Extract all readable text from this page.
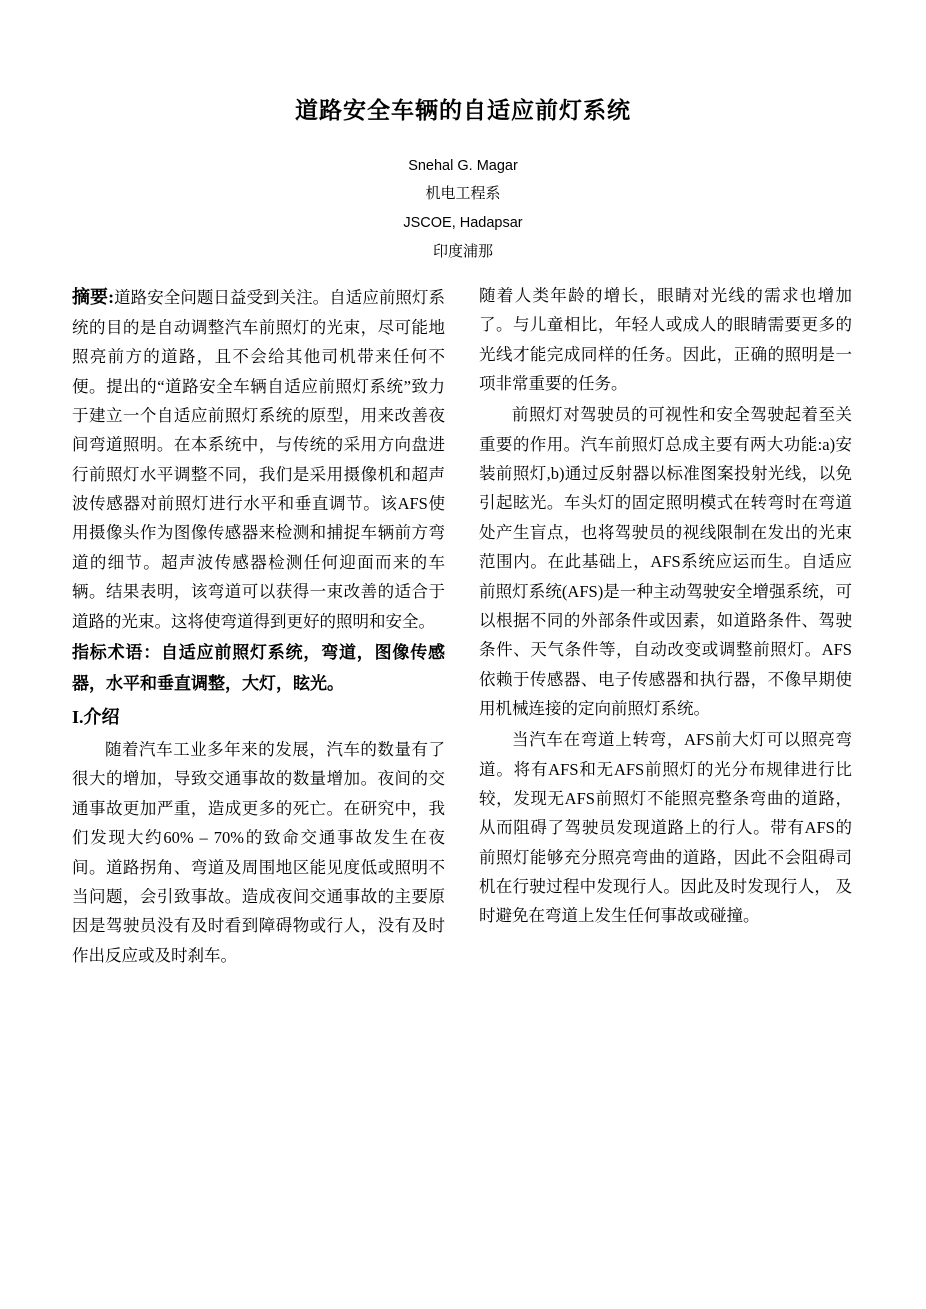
道路安全车辆的自适应前灯系统
Snehal G. Magar
机电工程系
JSCOE, Hadapsar
印度浦那

摘要:道路安全问题日益受到关注。自适应前照灯系统的目的是自动调整汽车前照灯的光束，尽可能地照亮前方的道路，且不会给其他司机带来任何不便。提出的“道路安全车辆自适应前照灯系统”致力于建立一个自适应前照灯系统的原型，用来改善夜间弯道照明。在本系统中，与传统的采用方向盘进行前照灯水平调整不同，我们是采用摄像机和超声波传感器对前照灯进行水平和垂直调节。该AFS使用摄像头作为图像传感器来检测和捕捉车辆前方弯道的细节。超声波传感器检测任何迎面而来的车辆。结果表明，该弯道可以获得一束改善的适合于道路的光束。这将使弯道得到更好的照明和安全。

指标术语：自适应前照灯系统，弯道，图像传感器，水平和垂直调整，大灯，眩光。

I.介绍

随着汽车工业多年来的发展，汽车的数量有了很大的增加，导致交通事故的数量增加。夜间的交通事故更加严重，造成更多的死亡。在研究中，我们发现大约60% – 70%的致命交通事故发生在夜间。道路拐角、弯道及周围地区能见度低或照明不当问题，会引致事故。造成夜间交通事故的主要原因是驾驶员没有及时看到障碍物或行人，没有及时作出反应或及时刹车。

随着人类年龄的增长，眼睛对光线的需求也增加了。与儿童相比，年轻人或成人的眼睛需要更多的光线才能完成同样的任务。因此，正确的照明是一项非常重要的任务。

前照灯对驾驶员的可视性和安全驾驶起着至关重要的作用。汽车前照灯总成主要有两大功能:a)安装前照灯,b)通过反射器以标准图案投射光线，以免引起眩光。车头灯的固定照明模式在转弯时在弯道处产生盲点，也将驾驶员的视线限制在发出的光束范围内。在此基础上，AFS系统应运而生。自适应前照灯系统(AFS)是一种主动驾驶安全增强系统，可以根据不同的外部条件或因素，如道路条件、驾驶条件、天气条件等，自动改变或调整前照灯。AFS依赖于传感器、电子传感器和执行器，不像早期使用机械连接的定向前照灯系统。

当汽车在弯道上转弯，AFS前大灯可以照亮弯道。将有AFS和无AFS前照灯的光分布规律进行比较，发现无AFS前照灯不能照亮整条弯曲的道路，从而阻碍了驾驶员发现道路上的行人。带有AFS的前照灯能够充分照亮弯曲的道路，因此不会阻碍司机在行驶过程中发现行人。因此及时发现行人， 及时避免在弯道上发生任何事故或碰撞。
